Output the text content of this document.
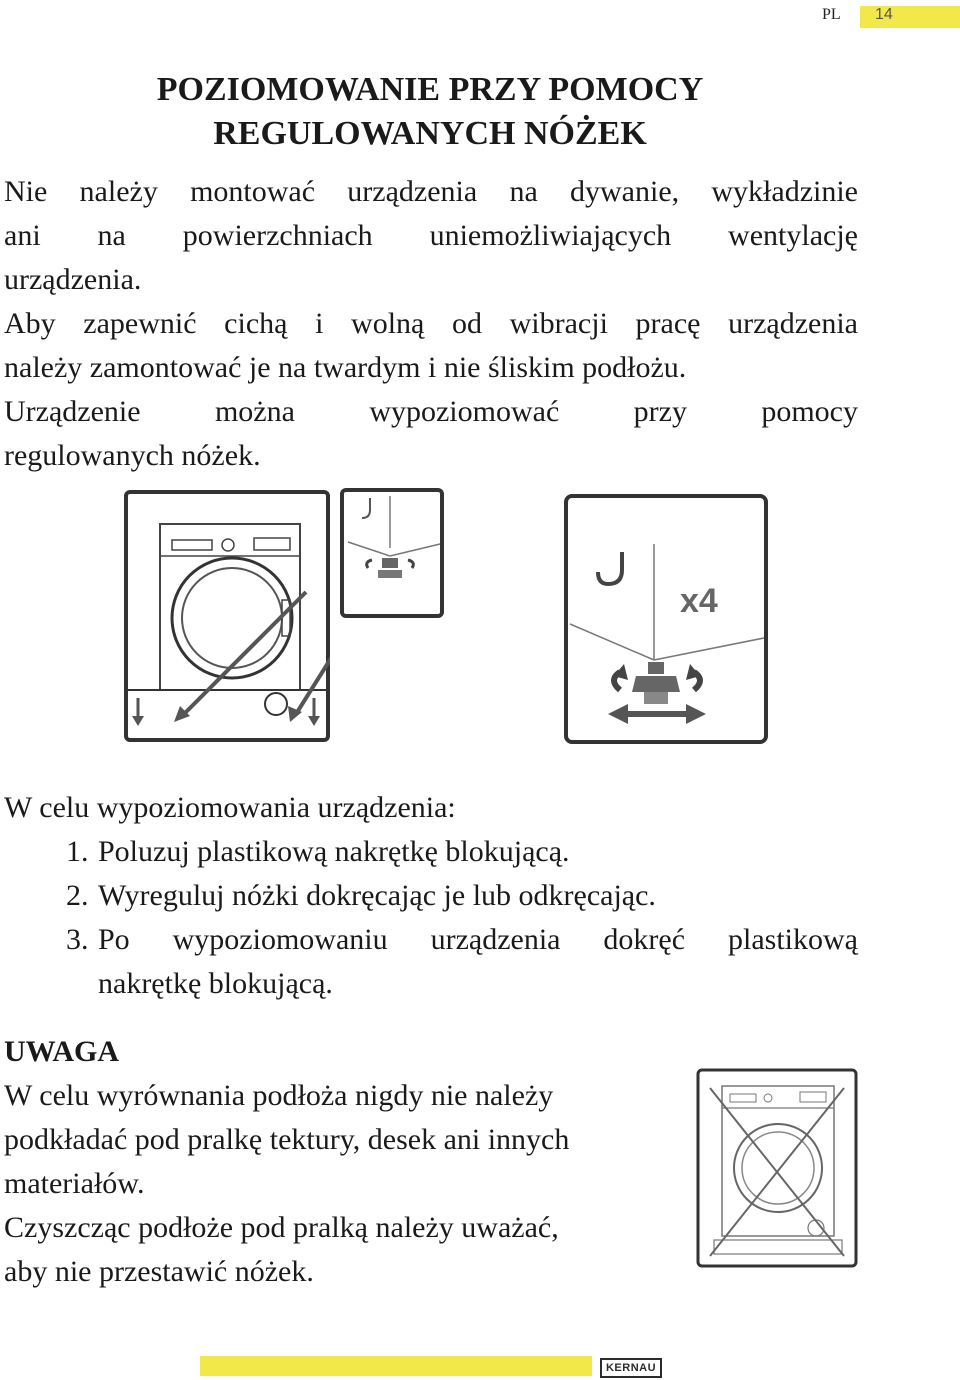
PL 14
POZIOMOWANIE PRZY POMOCY
REGULOWANYCH NÓŻEK
Nie należy montować urządzenia na dywanie, wykładzinie
ani na powierzchniach uniemożliwiających wentylację
urządzenia.
Aby zapewnić cichą i wolną od wibracji pracę urządzenia
należy zamontować je na twardym i nie śliskim podłożu.
Urządzenie można wypoziomować przy pomocy
regulowanych nóżek.
x4
W celu wypoziomowania urządzenia:
1. Poluzuj plastikową nakrętkę blokującą.
2. Wyreguluj nóżki dokręcając je lub odkręcając.
3. Po wypoziomowaniu urządzenia dokręć plastikową
nakrętkę blokującą.
UWAGA
W celu wyrównania podłoża nigdy nie należy
podkładać pod pralkę tektury, desek ani innych
materiałów.
Czyszcząc podłoże pod pralką należy uważać,
aby nie przestawić nóżek.
KERNAU
